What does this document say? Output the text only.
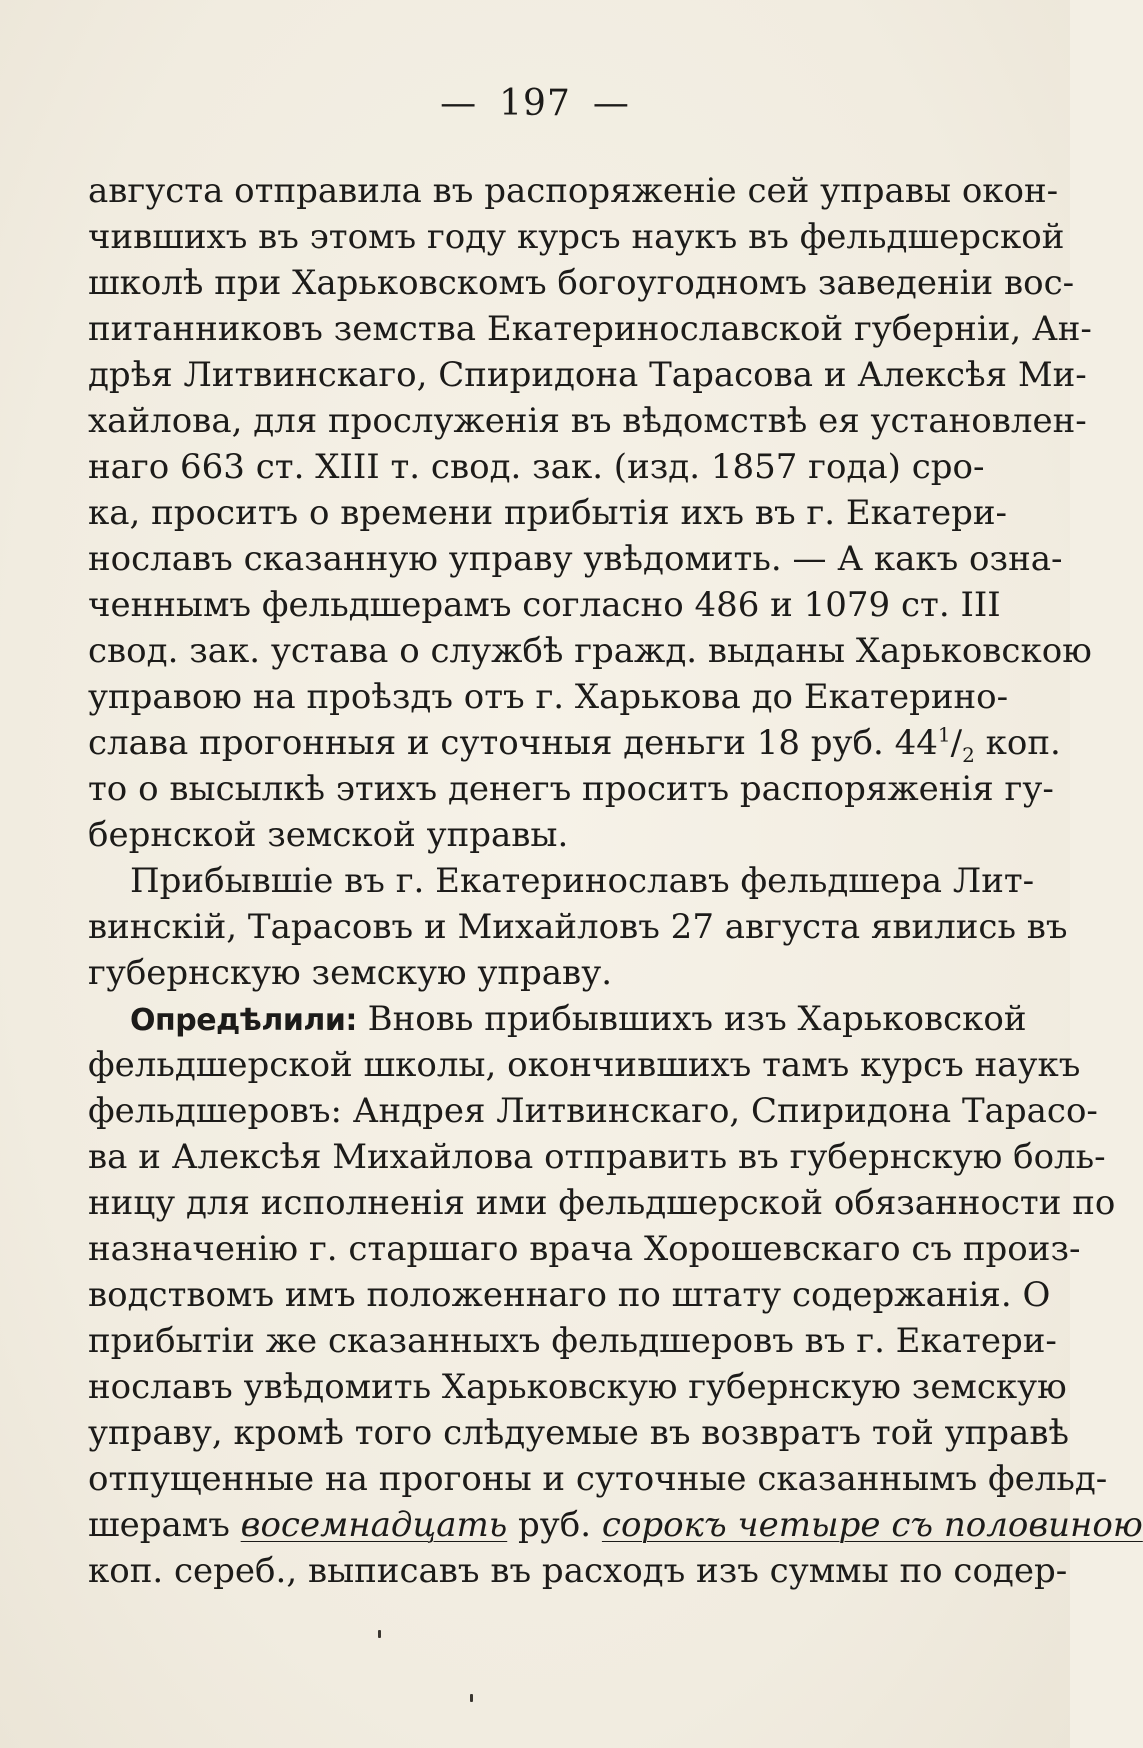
— 197 —
августа отправила въ распоряженіе сей управы окон-
чившихъ въ этомъ году курсъ наукъ въ фельдшерской
школѣ при Харьковскомъ богоугодномъ заведеніи вос-
питанниковъ земства Екатеринославской губерніи, Ан-
дрѣя Литвинскаго, Спиридона Тарасова и Алексѣя Ми-
хайлова, для прослуженія въ вѣдомствѣ ея установлен-
наго 663 ст. XIII т. свод. зак. (изд. 1857 года) сро-
ка, проситъ о времени прибытія ихъ въ г. Екатери-
нославъ сказанную управу увѣдомить. — А какъ озна-
ченнымъ фельдшерамъ согласно 486 и 1079 ст. III
свод. зак. устава о службѣ гражд. выданы Харьковскою
управою на проѣздъ отъ г. Харькова до Екатерино-
слава прогонныя и суточныя деньги 18 руб. $44^1/_2$ коп.
то о высылкѣ этихъ денегъ проситъ распоряженія гу-
бернской земской управы.
Прибывшіе въ г. Екатеринославъ фельдшера Лит-
винскій, Тарасовъ и Михайловъ 27 августа явились въ
губернскую земскую управу.
Опредѣлили: Вновь прибывшихъ изъ Харьковской
фельдшерской школы, окончившихъ тамъ курсъ наукъ
фельдшеровъ: Андрея Литвинскаго, Спиридона Тарасо-
ва и Алексѣя Михайлова отправить въ губернскую боль-
ницу для исполненія ими фельдшерской обязанности по
назначенію г. старшаго врача Хорошевскаго съ произ-
водствомъ имъ положеннаго по штату содержанія. О
прибытіи же сказанныхъ фельдшеровъ въ г. Екатери-
нославъ увѣдомить Харьковскую губернскую земскую
управу, кромѣ того слѣдуемые въ возвратъ той управѣ
отпущенные на прогоны и суточные сказаннымъ фельд-
шерамъ восемнадцать руб. сорокъ четыре съ половиною
коп. сереб., выписавъ въ расходъ изъ суммы по содер-
